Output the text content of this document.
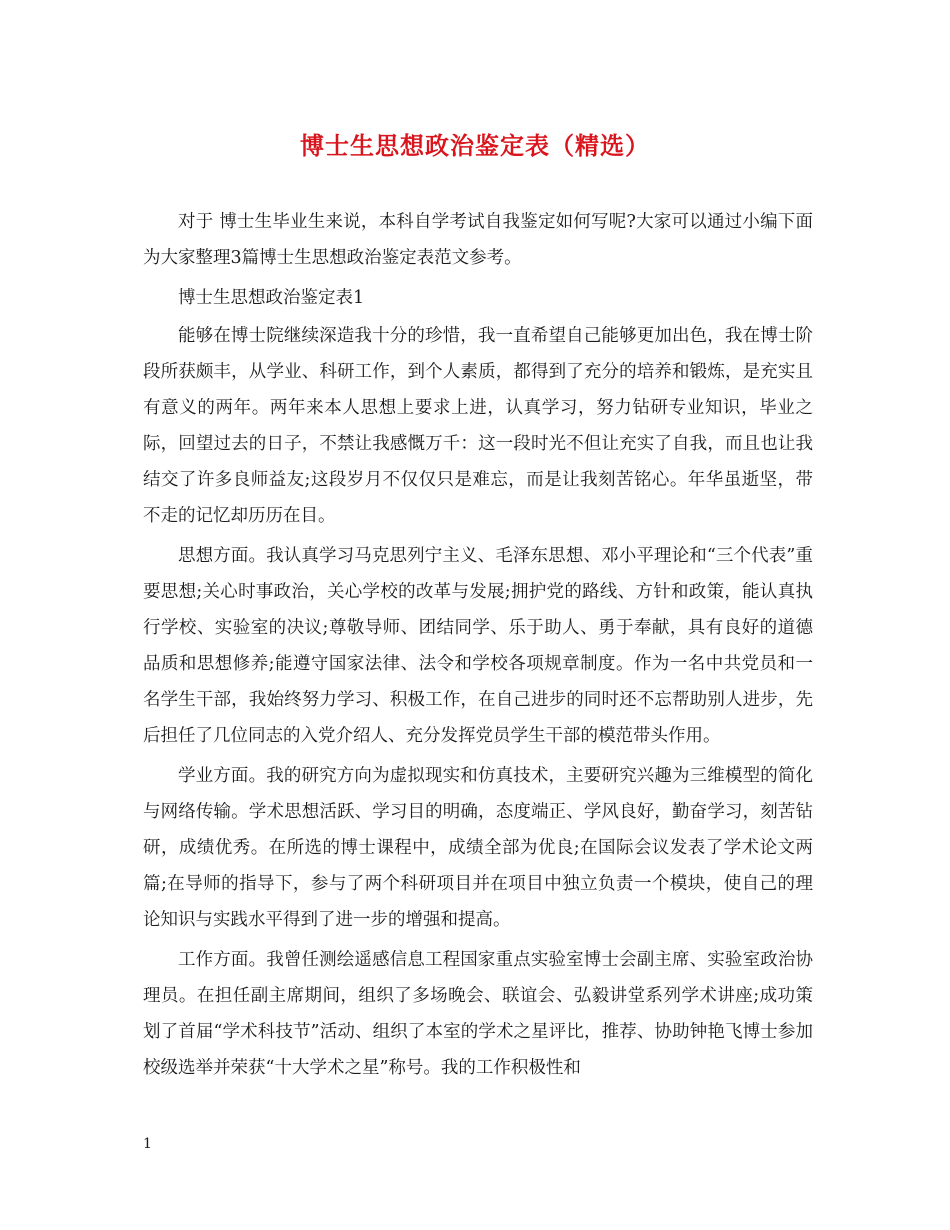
博士生思想政治鉴定表（精选）

对于 博士生毕业生来说，本科自学考试自我鉴定如何写呢?大家可以通过小编下面为大家整理3篇博士生思想政治鉴定表范文参考。

博士生思想政治鉴定表1

能够在博士院继续深造我十分的珍惜，我一直希望自己能够更加出色，我在博士阶段所获颇丰，从学业、科研工作，到个人素质，都得到了充分的培养和锻炼，是充实且有意义的两年。两年来本人思想上要求上进，认真学习，努力钻研专业知识，毕业之际，回望过去的日子，不禁让我感慨万千：这一段时光不但让充实了自我，而且也让我结交了许多良师益友;这段岁月不仅仅只是难忘，而是让我刻苦铭心。年华虽逝坚，带不走的记忆却历历在目。

思想方面。我认真学习马克思列宁主义、毛泽东思想、邓小平理论和“三个代表”重要思想;关心时事政治，关心学校的改革与发展;拥护党的路线、方针和政策，能认真执行学校、实验室的决议;尊敬导师、团结同学、乐于助人、勇于奉献，具有良好的道德品质和思想修养;能遵守国家法律、法令和学校各项规章制度。作为一名中共党员和一名学生干部，我始终努力学习、积极工作，在自己进步的同时还不忘帮助别人进步，先后担任了几位同志的入党介绍人、充分发挥党员学生干部的模范带头作用。

学业方面。我的研究方向为虚拟现实和仿真技术，主要研究兴趣为三维模型的简化与网络传输。学术思想活跃、学习目的明确，态度端正、学风良好，勤奋学习，刻苦钻研，成绩优秀。在所选的博士课程中，成绩全部为优良;在国际会议发表了学术论文两篇;在导师的指导下，参与了两个科研项目并在项目中独立负责一个模块，使自己的理论知识与实践水平得到了进一步的增强和提高。

工作方面。我曾任测绘遥感信息工程国家重点实验室博士会副主席、实验室政治协理员。在担任副主席期间，组织了多场晚会、联谊会、弘毅讲堂系列学术讲座;成功策划了首届“学术科技节”活动、组织了本室的学术之星评比，推荐、协助钟艳飞博士参加校级选举并荣获“十大学术之星”称号。我的工作积极性和

1
